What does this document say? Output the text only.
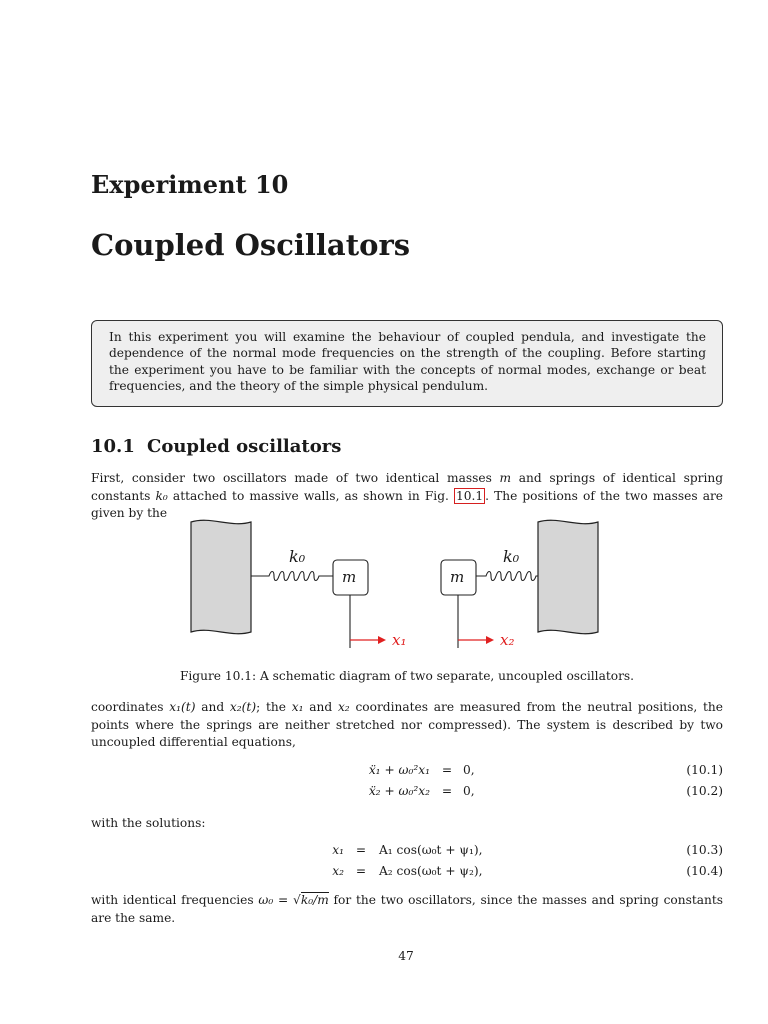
Experiment 10
Coupled Oscillators
In this experiment you will examine the behaviour of coupled pendula, and investigate the dependence of the normal mode frequencies on the strength of the coupling. Before starting the experiment you have to be familiar with the concepts of normal modes, exchange or beat frequencies, and the theory of the simple physical pendulum.
10.1 Coupled oscillators

First, consider two oscillators made of two identical masses m and springs of identical spring constants k₀ attached to massive walls, as shown in Fig. 10.1 . The positions of the two masses are given by the

k₀	k₀
m	m
x₁	x₂

Figure 10.1: A schematic diagram of two separate, uncoupled oscillators.

coordinates x₁(t) and x₂(t); the x₁ and x₂ coordinates are measured from the neutral positions, the points where the springs are neither stretched nor compressed). The system is described by two uncoupled differential equations,

ẍ₁ + ω₀²x₁ = 0,	(10.1)
ẍ₂ + ω₀²x₂ = 0,	(10.2)

with the solutions:

x₁ =	A₁ cos(ω₀t + ψ₁),	(10.3)
x₂ =	A₂ cos(ω₀t + ψ₂),	(10.4)

with identical frequencies ω₀ = √k₀/m for the two oscillators, since the masses and spring constants are the same.

47
